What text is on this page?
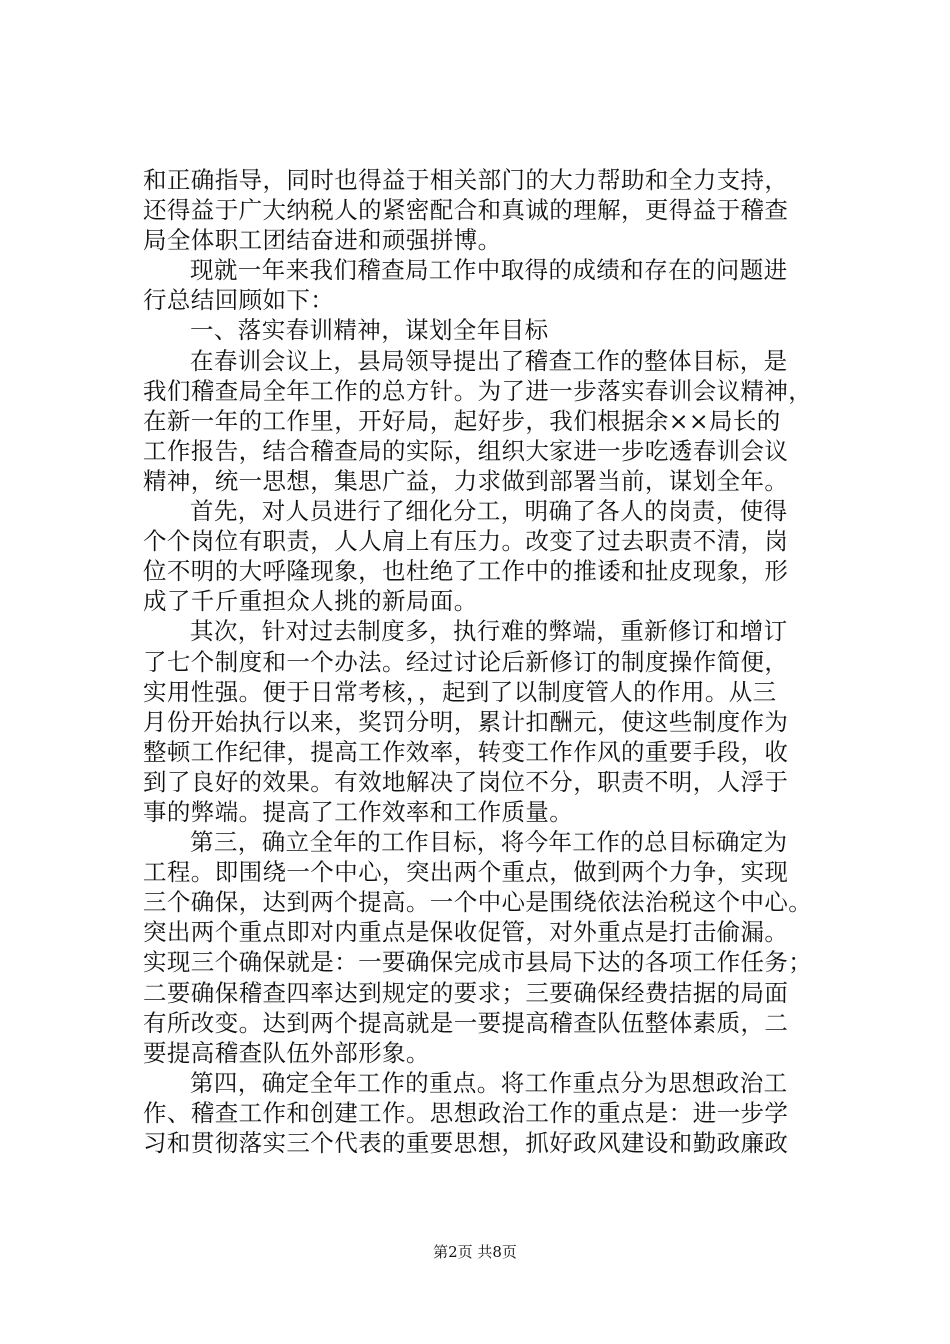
和正确指导，同时也得益于相关部门的大力帮助和全力支持，
还得益于广大纳税人的紧密配合和真诚的理解，更得益于稽查
局全体职工团结奋进和顽强拼博。
现就一年来我们稽查局工作中取得的成绩和存在的问题进
行总结回顾如下：
一、落实春训精神，谋划全年目标
在春训会议上，县局领导提出了稽查工作的整体目标，是
我们稽查局全年工作的总方针。为了进一步落实春训会议精神，
在新一年的工作里，开好局，起好步，我们根据余××局长的
工作报告，结合稽查局的实际，组织大家进一步吃透春训会议
精神，统一思想，集思广益，力求做到部署当前，谋划全年。
首先，对人员进行了细化分工，明确了各人的岗责，使得
个个岗位有职责，人人肩上有压力。改变了过去职责不清，岗
位不明的大呼隆现象，也杜绝了工作中的推诿和扯皮现象，形
成了千斤重担众人挑的新局面。
其次，针对过去制度多，执行难的弊端，重新修订和增订
了七个制度和一个办法。经过讨论后新修订的制度操作简便，
实用性强。便于日常考核，，起到了以制度管人的作用。从三
月份开始执行以来，奖罚分明，累计扣酬元，使这些制度作为
整顿工作纪律，提高工作效率，转变工作作风的重要手段，收
到了良好的效果。有效地解决了岗位不分，职责不明，人浮于
事的弊端。提高了工作效率和工作质量。
第三，确立全年的工作目标，将今年工作的总目标确定为
工程。即围绕一个中心，突出两个重点，做到两个力争，实现
三个确保，达到两个提高。一个中心是围绕依法治税这个中心。
突出两个重点即对内重点是保收促管，对外重点是打击偷漏。
实现三个确保就是：一要确保完成市县局下达的各项工作任务；
二要确保稽查四率达到规定的要求；三要确保经费拮据的局面
有所改变。达到两个提高就是一要提高稽查队伍整体素质，二
要提高稽查队伍外部形象。
第四，确定全年工作的重点。将工作重点分为思想政治工
作、稽查工作和创建工作。思想政治工作的重点是：进一步学
习和贯彻落实三个代表的重要思想，抓好政风建设和勤政廉政
第2页 共8页
